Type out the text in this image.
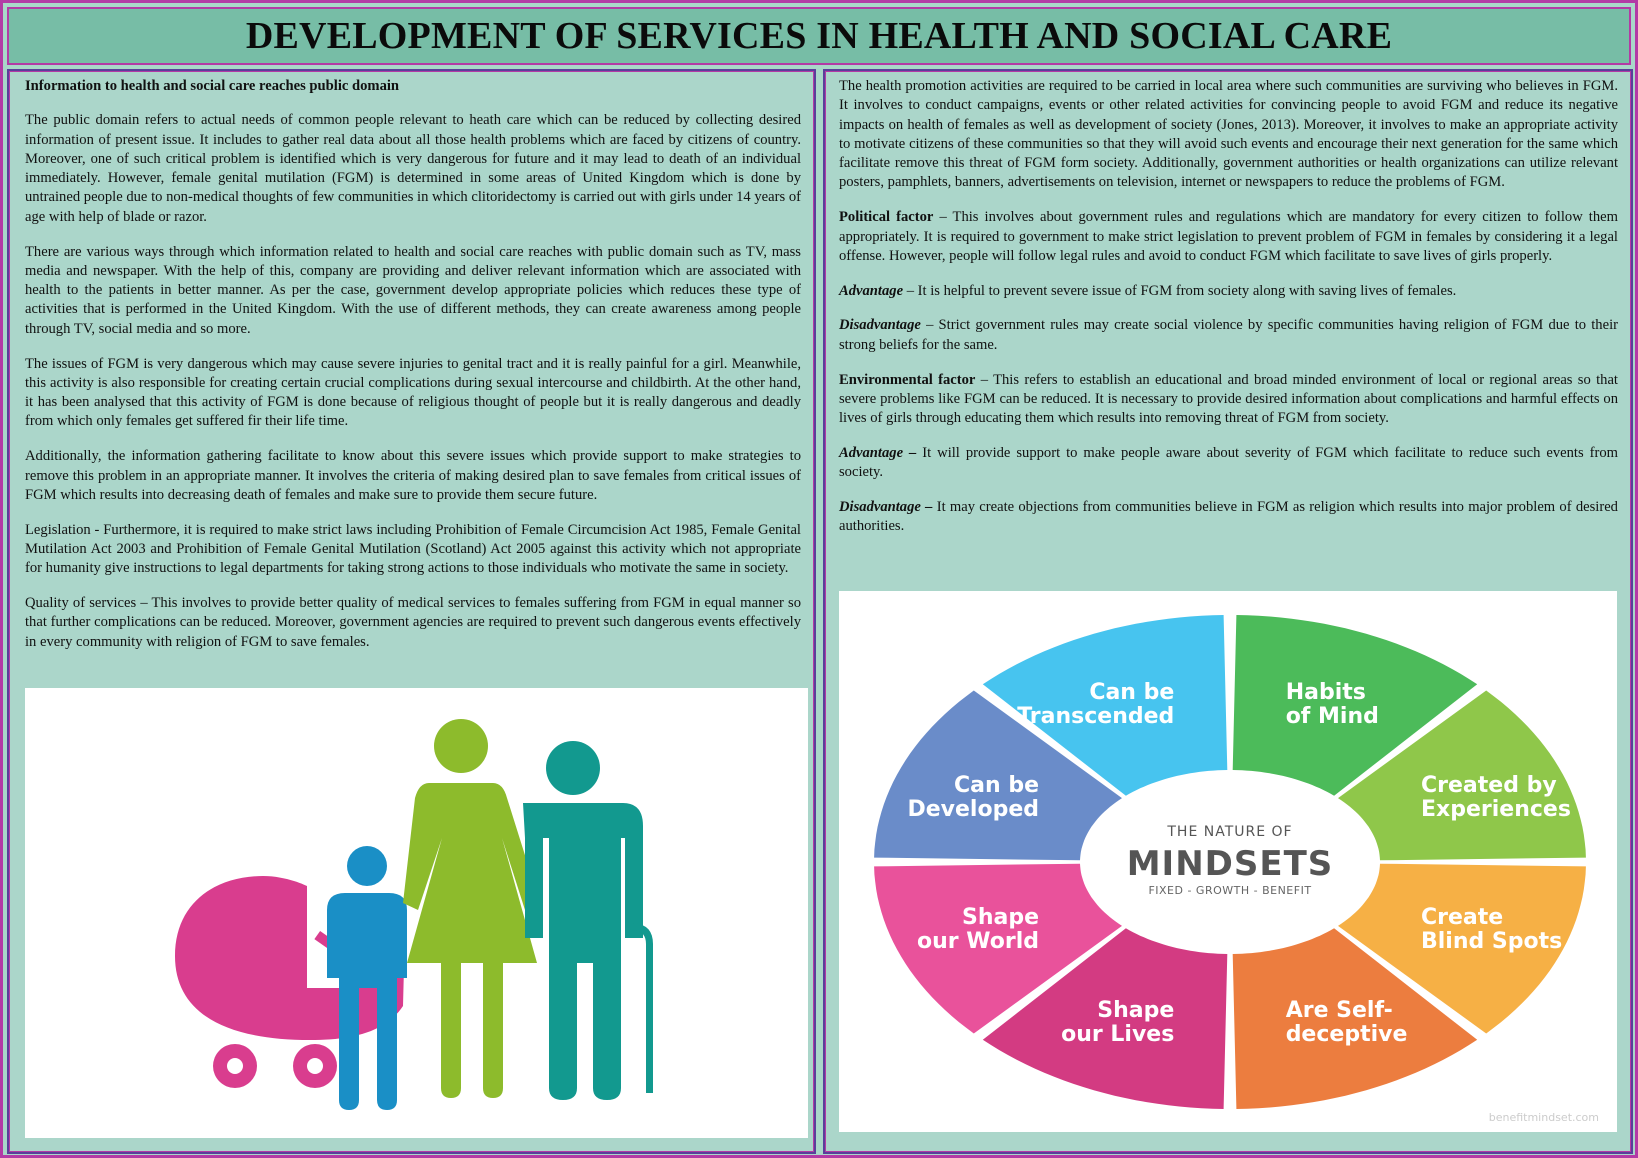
DEVELOPMENT OF SERVICES IN HEALTH AND SOCIAL CARE

Information to health and social care reaches public domain

The public domain refers to actual needs of common people relevant to heath care which can be reduced by collecting desired information of present issue. It includes to gather real data about all those health problems which are faced by citizens of country. Moreover, one of such critical problem is identified which is very dangerous for future and it may lead to death of an individual immediately. However, female genital mutilation (FGM) is determined in some areas of United Kingdom which is done by untrained people due to non-medical thoughts of few communities in which clitoridectomy is carried out with girls under 14 years of age with help of blade or razor.

There are various ways through which information related to health and social care reaches with public domain such as TV, mass media and newspaper. With the help of this, company are providing and deliver relevant information which are associated with health to the patients in better manner. As per the case, government develop appropriate policies which reduces these type of activities that is performed in the United Kingdom. With the use of different methods, they can create awareness among people through TV, social media and so more.

The issues of FGM is very dangerous which may cause severe injuries to genital tract and it is really painful for a girl. Meanwhile, this activity is also responsible for creating certain crucial complications during sexual intercourse and childbirth. At the other hand, it has been analysed that this activity of FGM is done because of religious thought of people but it is really dangerous and deadly from which only females get suffered fir their life time.

Additionally, the information gathering facilitate to know about this severe issues which provide support to make strategies to remove this problem in an appropriate manner. It involves the criteria of making desired plan to save females from critical issues of FGM which results into decreasing death of females and make sure to provide them secure future.

Legislation - Furthermore, it is required to make strict laws including Prohibition of Female Circumcision Act 1985, Female Genital Mutilation Act 2003 and Prohibition of Female Genital Mutilation (Scotland) Act 2005 against this activity which not appropriate for humanity give instructions to legal departments for taking strong actions to those individuals who motivate the same in society.

Quality of services – This involves to provide better quality of medical services to females suffering from FGM in equal manner so that further complications can be reduced. Moreover, government agencies are required to prevent such dangerous events effectively in every community with religion of FGM to save females.

The health promotion activities are required to be carried in local area where such communities are surviving who believes in FGM. It involves to conduct campaigns, events or other related activities for convincing people to avoid FGM and reduce its negative impacts on health of females as well as development of society (Jones, 2013). Moreover, it involves to make an appropriate activity to motivate citizens of these communities so that they will avoid such events and encourage their next generation for the same which facilitate remove this threat of FGM form society. Additionally, government authorities or health organizations can utilize relevant posters, pamphlets, banners, advertisements on television, internet or newspapers to reduce the problems of FGM.

Political factor – This involves about government rules and regulations which are mandatory for every citizen to follow them appropriately. It is required to government to make strict legislation to prevent problem of FGM in females by considering it a legal offense. However, people will follow legal rules and avoid to conduct FGM which facilitate to save lives of girls properly.

Advantage – It is helpful to prevent severe issue of FGM from society along with saving lives of females.

Disadvantage – Strict government rules may create social violence by specific communities having religion of FGM due to their strong beliefs for the same.

Environmental factor – This refers to establish an educational and broad minded environment of local or regional areas so that severe problems like FGM can be reduced. It is necessary to provide desired information about complications and harmful effects on lives of girls through educating them which results into removing threat of FGM from society.

Advantage – It will provide support to make people aware about severity of FGM which facilitate to reduce such events from society.

Disadvantage – It may create objections from communities believe in FGM as religion which results into major problem of desired authorities.

THE NATURE OF
MINDSETS
FIXED - GROWTH - BENEFIT
Habits of Mind
Created by Experiences
Create Blind Spots
Are Self-deceptive
Shape our Lives
Shape our World
Can be Developed
Can be Transcended
benefitmindset.com
